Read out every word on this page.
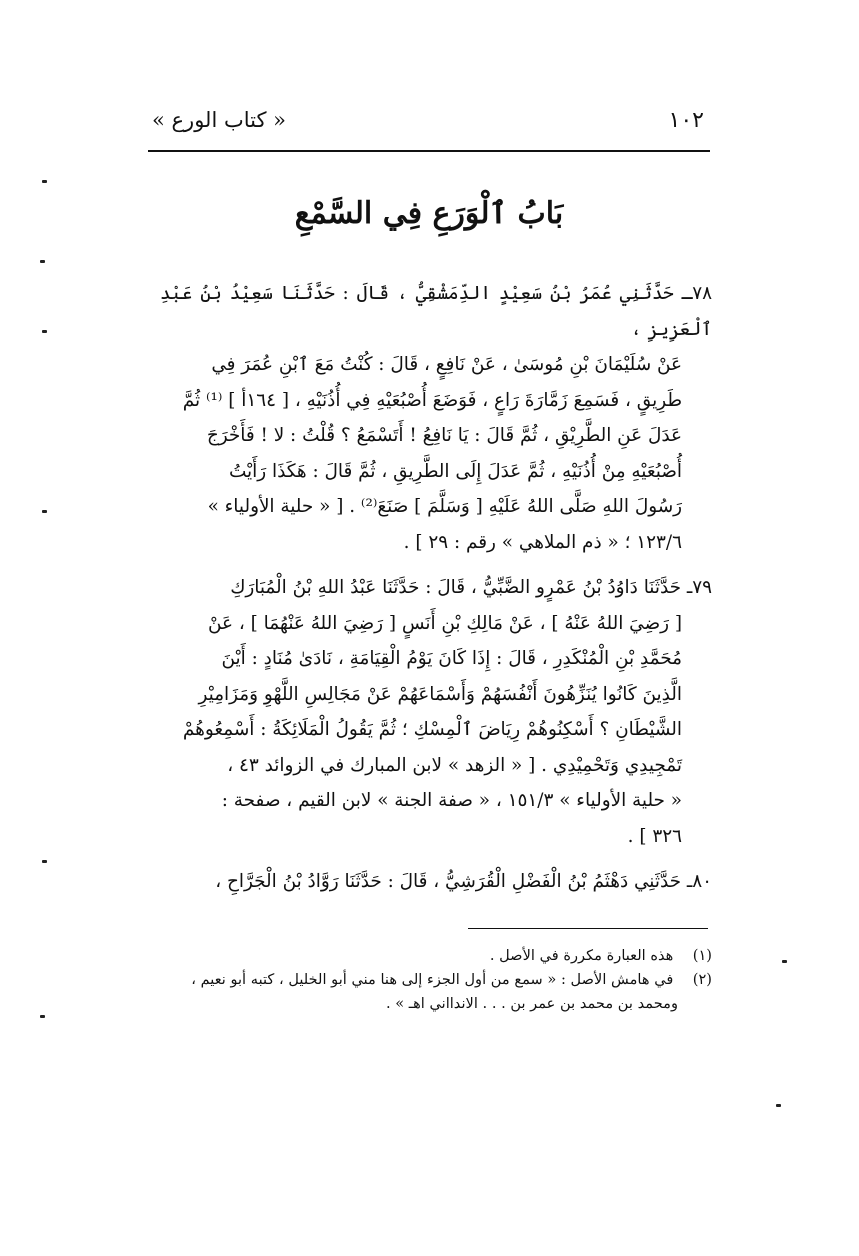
١٠٢
« كتاب الورع »
بَابُ ٱلْوَرَعِ فِي السَّمْعِ
٧٨ـ حَدَّثَنِي عُمَرُ بْنُ سَعِيْدٍ الدِّمَشْقِيُّ ، قَالَ : حَدَّثَنَا سَعِيْدُ بْنُ عَبْدِ ٱلْعَزِيزِ ،
عَنْ سُلَيْمَانَ بْنِ مُوسَىٰ ، عَنْ نَافِعٍ ، قَالَ : كُنْتُ مَعَ ٱبْنِ عُمَرَ فِي
طَرِيقٍ ، فَسَمِعَ زَمَّارَةَ رَاعٍ ، فَوَضَعَ أُصْبُعَيْهِ فِي أُذُنَيْهِ ، [ ١٦٤أ ] ⁽¹⁾ ثُمَّ
عَدَلَ عَنِ الطَّرِيْقِ ، ثُمَّ قَالَ : يَا نَافِعُ ! أَتَسْمَعُ ؟ قُلْتُ : لا ! فَأَخْرَجَ
أُصْبُعَيْهِ مِنْ أُذُنَيْهِ ، ثُمَّ عَدَلَ إِلَى الطَّرِيقِ ، ثُمَّ قَالَ : هَكَذَا رَأَيْتُ
رَسُولَ اللهِ صَلَّى اللهُ عَلَيْهِ [ وَسَلَّمَ ] صَنَعَ⁽²⁾ . [ « حلية الأولياء »
١٢٣/٦ ؛ « ذم الملاهي » رقم : ٢٩ ] .
٧٩ـ حَدَّثَنَا دَاوُدُ بْنُ عَمْرٍو الضَّبِّيُّ ، قَالَ : حَدَّثَنَا عَبْدُ اللهِ بْنُ الْمُبَارَكِ
[ رَضِيَ اللهُ عَنْهُ ] ، عَنْ مَالِكِ بْنِ أَنَسٍ [ رَضِيَ اللهُ عَنْهُمَا ] ، عَنْ
مُحَمَّدِ بْنِ الْمُنْكَدِرِ ، قَالَ : إِذَا كَانَ يَوْمُ الْقِيَامَةِ ، نَادَىٰ مُنَادٍ : أَيْنَ
الَّذِينَ كَانُوا يُنَزِّهُونَ أَنْفُسَهُمْ وَأَسْمَاعَهُمْ عَنْ مَجَالِسِ اللَّهْوِ وَمَزَامِيْرِ
الشَّيْطَانِ ؟ أَسْكِنُوهُمْ رِيَاضَ ٱلْمِسْكِ ؛ ثُمَّ يَقُولُ الْمَلَائِكَةُ : أَسْمِعُوهُمْ
تَمْجِيدِي وَتَحْمِيْدِي . [ « الزهد » لابن المبارك في الزوائد ٤٣ ،
« حلية الأولياء » ١٥١/٣ ، « صفة الجنة » لابن القيم ، صفحة :
٣٢٦ ] .
٨٠ـ حَدَّثَنِي دَهْثَمُ بْنُ الْفَضْلِ الْقُرَشِيُّ ، قَالَ : حَدَّثَنَا رَوَّادُ بْنُ الْجَرَّاحِ ،
(١) هذه العبارة مكررة في الأصل .
(٢) في هامش الأصل : « سمع من أول الجزء إلى هنا مني أبو الخليل ، كتبه أبو نعيم ،
ومحمد بن محمد بن عمر بن . . . الاندااني اهـ » .
